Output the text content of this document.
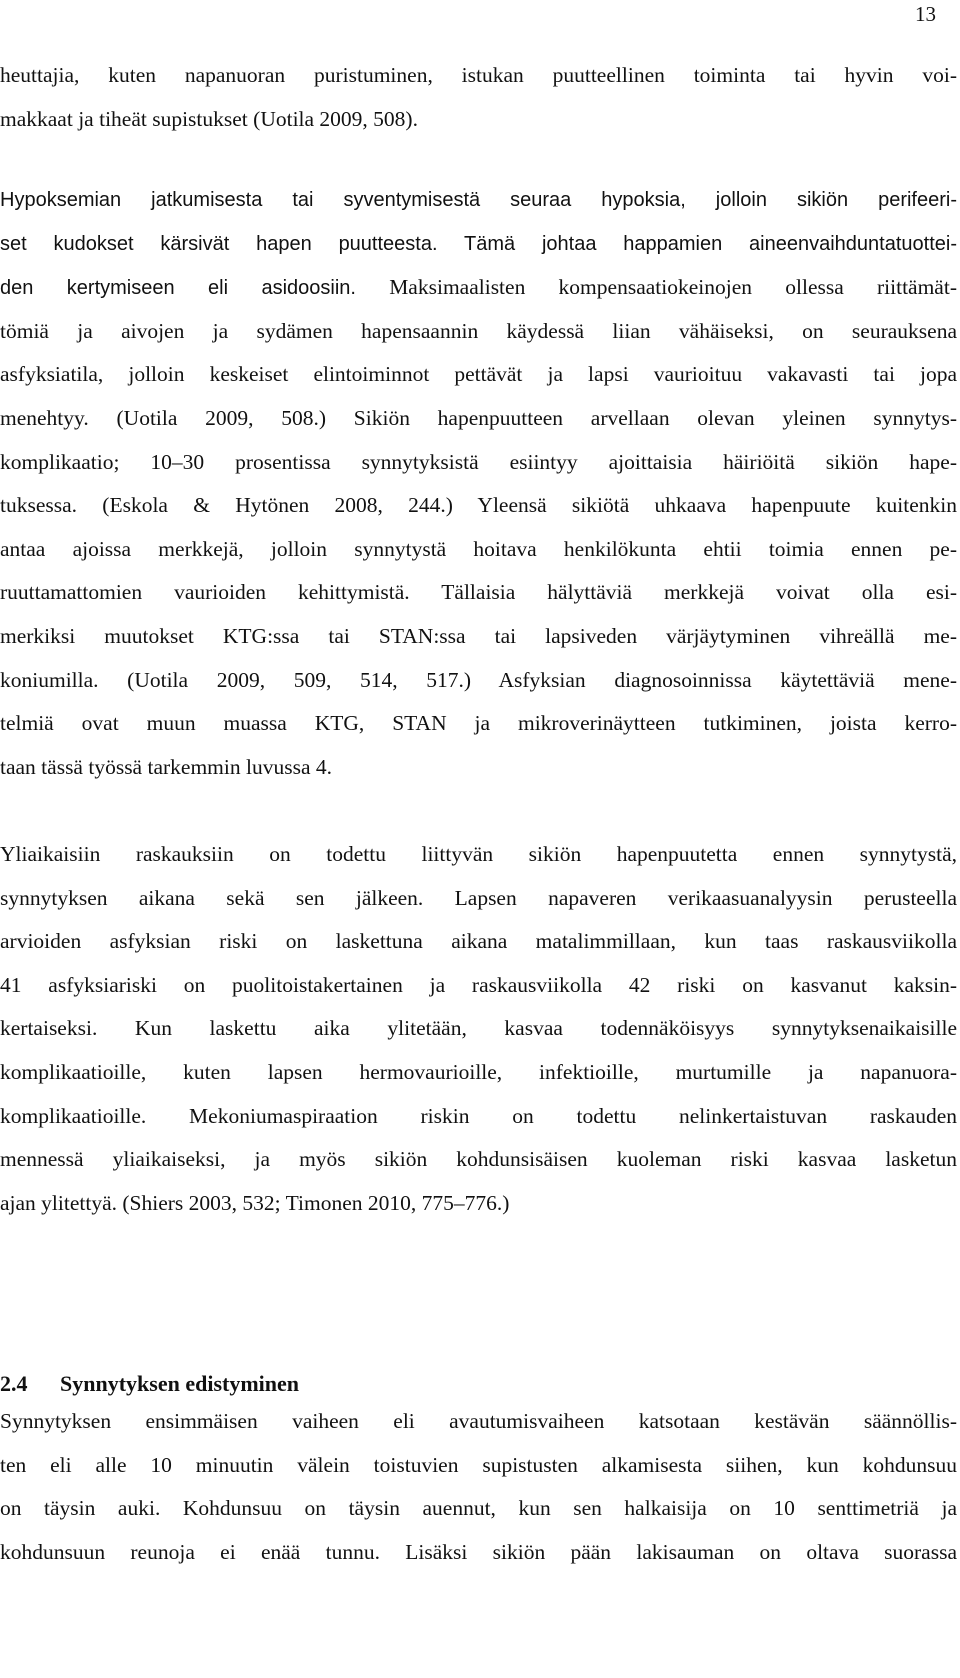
13
heuttajia, kuten napanuoran puristuminen, istukan puutteellinen toiminta tai hyvin voi-
makkaat ja tiheät supistukset (Uotila 2009, 508).
Hypoksemian jatkumisesta tai syventymisestä seuraa hypoksia, jolloin sikiön perifeeri-
set kudokset kärsivät hapen puutteesta. Tämä johtaa happamien aineenvaihduntatuottei-
den kertymiseen eli asidoosiin. Maksimaalisten kompensaatiokeinojen ollessa riittämät-
tömiä ja aivojen ja sydämen hapensaannin käydessä liian vähäiseksi, on seurauksena
asfyksiatila, jolloin keskeiset elintoiminnot pettävät ja lapsi vaurioituu vakavasti tai jopa
menehtyy. (Uotila 2009, 508.) Sikiön hapenpuutteen arvellaan olevan yleinen synnytys-
komplikaatio; 10–30 prosentissa synnytyksistä esiintyy ajoittaisia häiriöitä sikiön hape-
tuksessa. (Eskola & Hytönen 2008, 244.) Yleensä sikiötä uhkaava hapenpuute kuitenkin
antaa ajoissa merkkejä, jolloin synnytystä hoitava henkilökunta ehtii toimia ennen pe-
ruuttamattomien vaurioiden kehittymistä. Tällaisia hälyttäviä merkkejä voivat olla esi-
merkiksi muutokset KTG:ssa tai STAN:ssa tai lapsiveden värjäytyminen vihreällä me-
koniumilla. (Uotila 2009, 509, 514, 517.) Asfyksian diagnosoinnissa käytettäviä mene-
telmiä ovat muun muassa KTG, STAN ja mikroverinäytteen tutkiminen, joista kerro-
taan tässä työssä tarkemmin luvussa 4.
Yliaikaisiin raskauksiin on todettu liittyvän sikiön hapenpuutetta ennen synnytystä,
synnytyksen aikana sekä sen jälkeen. Lapsen napaveren verikaasuanalyysin perusteella
arvioiden asfyksian riski on laskettuna aikana matalimmillaan, kun taas raskausviikolla
41 asfyksiariski on puolitoistakertainen ja raskausviikolla 42 riski on kasvanut kaksin-
kertaiseksi. Kun laskettu aika ylitetään, kasvaa todennäköisyys synnytyksenaikaisille
komplikaatioille, kuten lapsen hermovaurioille, infektioille, murtumille ja napanuora-
komplikaatioille. Mekoniumaspiraation riskin on todettu nelinkertaistuvan raskauden
mennessä yliaikaiseksi, ja myös sikiön kohdunsisäisen kuoleman riski kasvaa lasketun
ajan ylitettyä. (Shiers 2003, 532; Timonen 2010, 775–776.)
2.4 Synnytyksen edistyminen
Synnytyksen ensimmäisen vaiheen eli avautumisvaiheen katsotaan kestävän säännöllis-
ten eli alle 10 minuutin välein toistuvien supistusten alkamisesta siihen, kun kohdunsuu
on täysin auki. Kohdunsuu on täysin auennut, kun sen halkaisija on 10 senttimetriä ja
kohdunsuun reunoja ei enää tunnu. Lisäksi sikiön pään lakisauman on oltava suorassa
